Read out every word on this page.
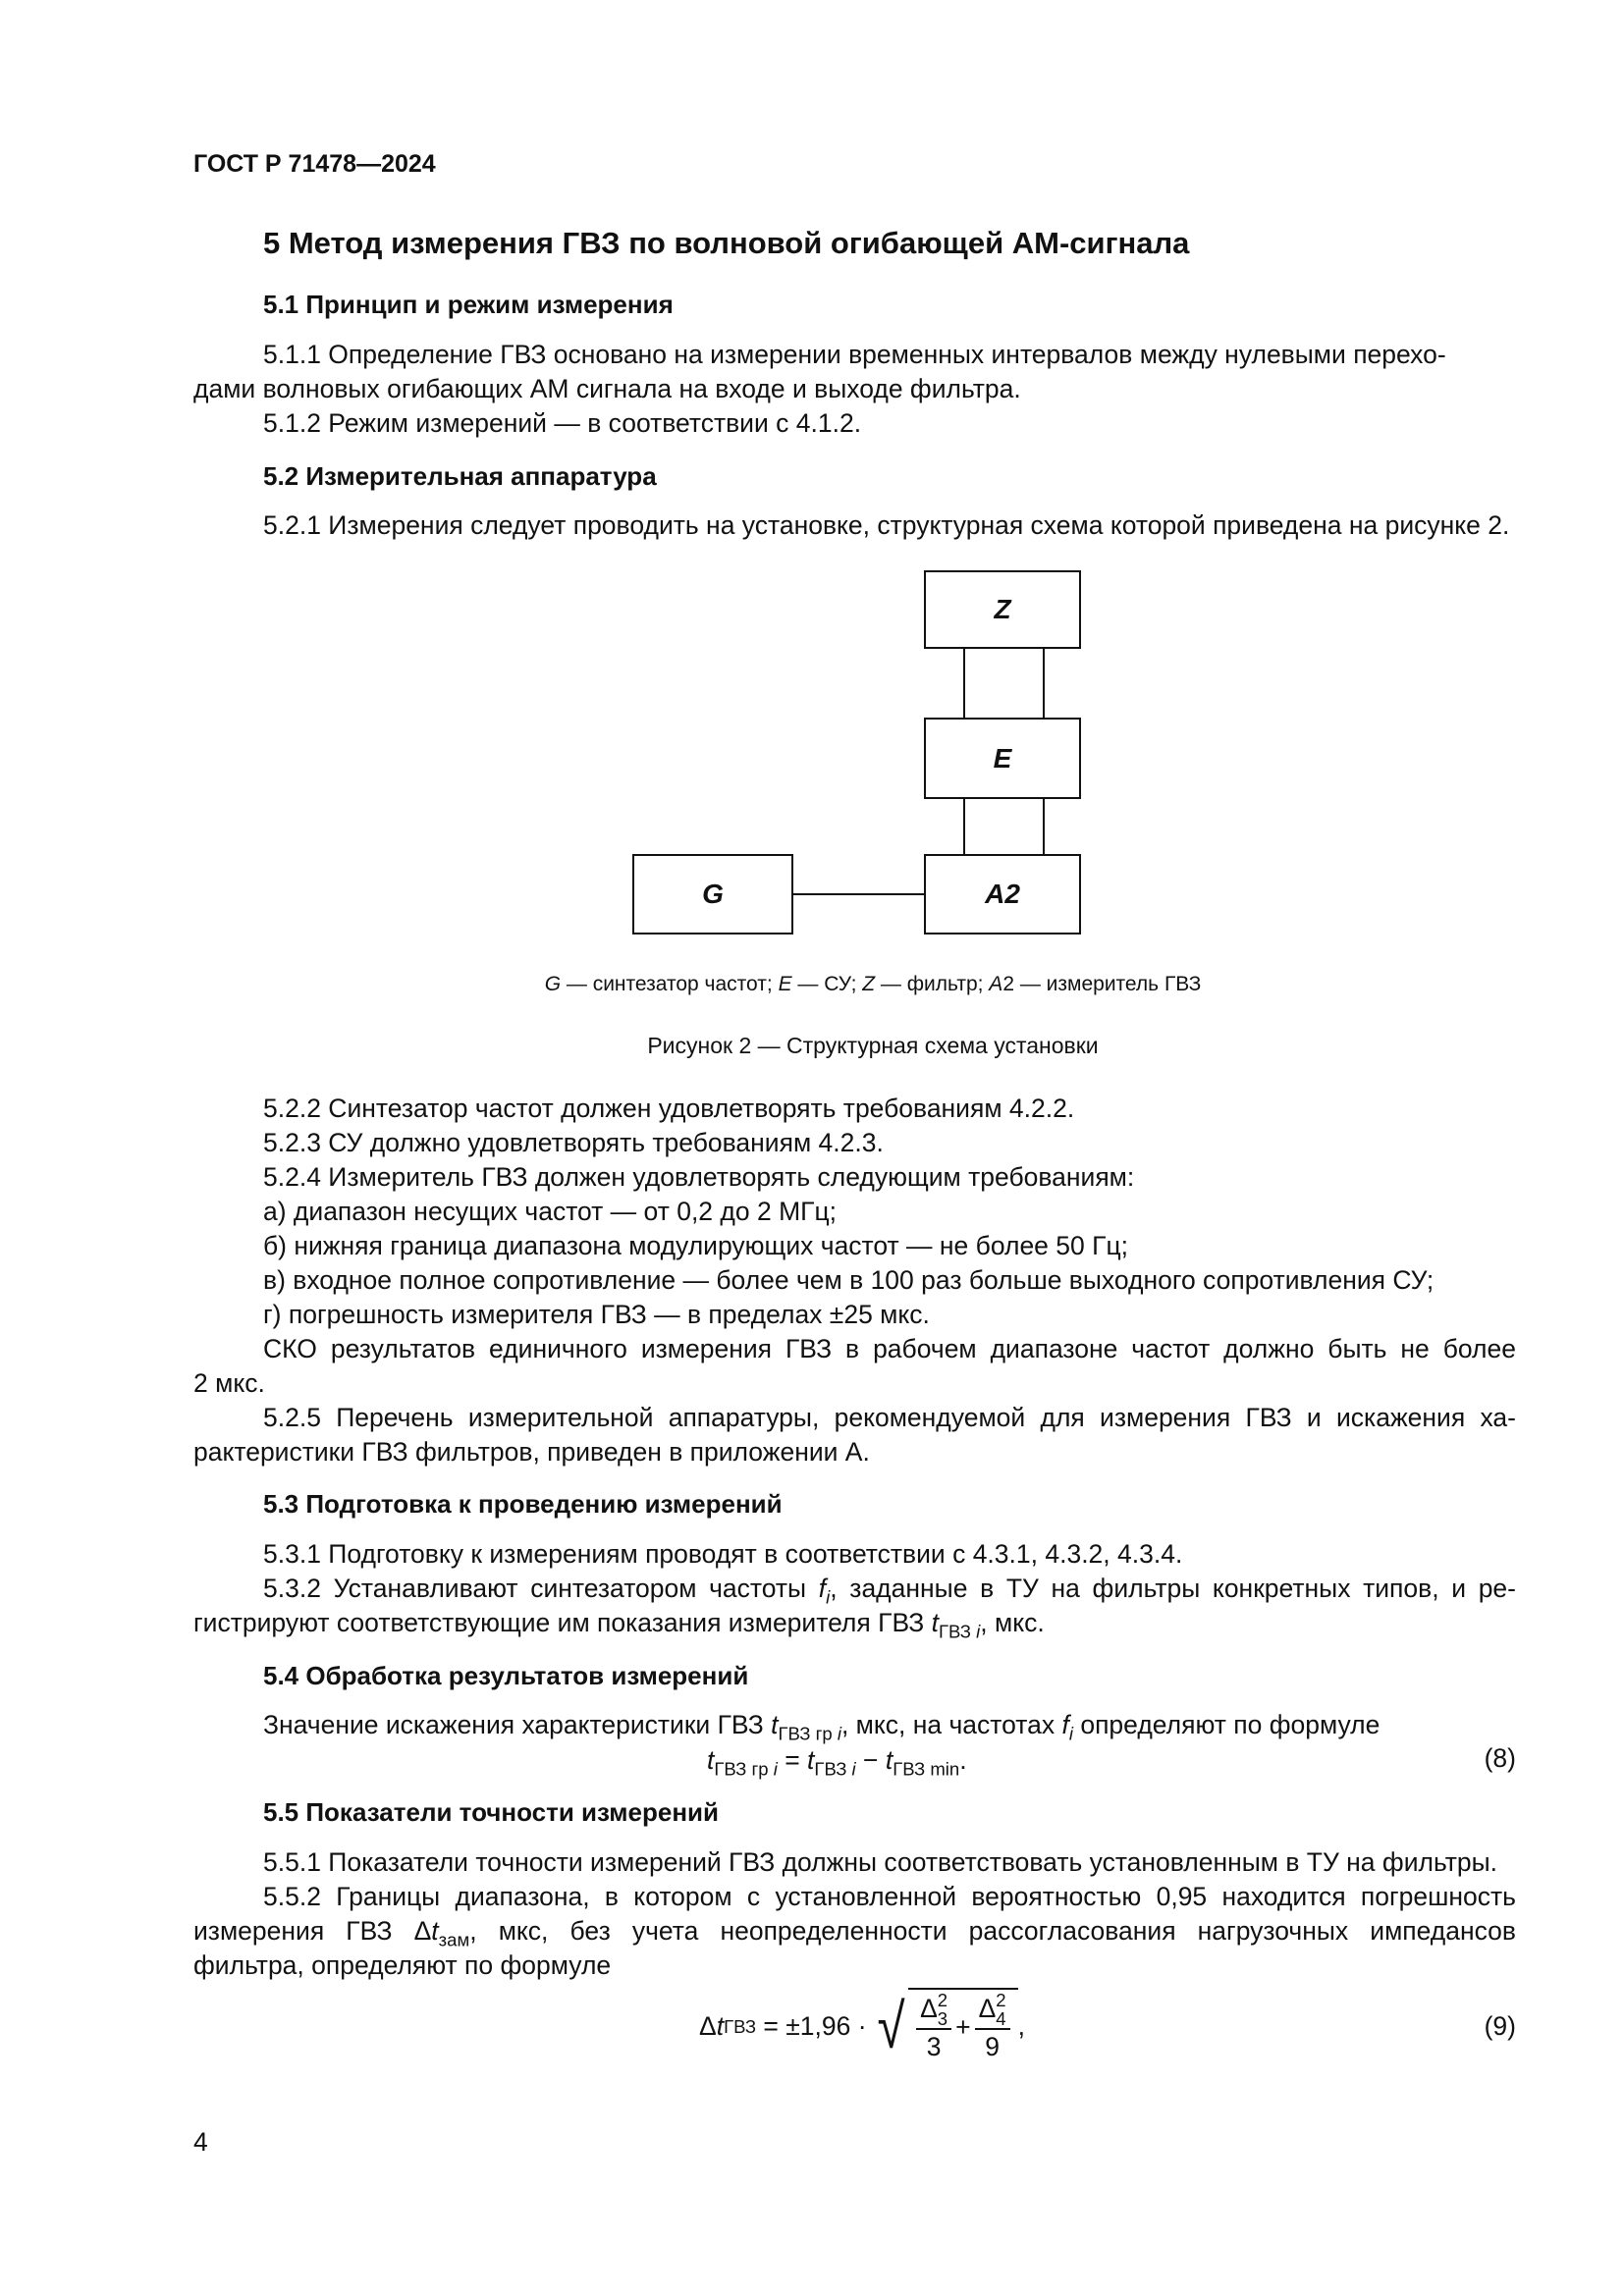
ГОСТ Р 71478—2024
5 Метод измерения ГВЗ по волновой огибающей АМ-сигнала
5.1 Принцип и режим измерения
5.1.1 Определение ГВЗ основано на измерении временных интервалов между нулевыми перехо-
дами волновых огибающих АМ сигнала на входе и выходе фильтра.
5.1.2 Режим измерений — в соответствии с 4.1.2.
5.2 Измерительная аппаратура
5.2.1 Измерения следует проводить на установке, структурная схема которой приведена на рисунке 2.
Z
E
A2
G
G — синтезатор частот; E — СУ; Z — фильтр; A2 — измеритель ГВЗ
Рисунок 2 — Структурная схема установки
5.2.2 Синтезатор частот должен удовлетворять требованиям 4.2.2.
5.2.3 СУ должно удовлетворять требованиям 4.2.3.
5.2.4 Измеритель ГВЗ должен удовлетворять следующим требованиям:
а) диапазон несущих частот — от 0,2 до 2 МГц;
б) нижняя граница диапазона модулирующих частот — не более 50 Гц;
в) входное полное сопротивление — более чем в 100 раз больше выходного сопротивления СУ;
г) погрешность измерителя ГВЗ — в пределах ±25 мкс.
СКО результатов единичного измерения ГВЗ в рабочем диапазоне частот должно быть не более
2 мкс.
5.2.5 Перечень измерительной аппаратуры, рекомендуемой для измерения ГВЗ и искажения ха-
рактеристики ГВЗ фильтров, приведен в приложении А.
5.3 Подготовка к проведению измерений
5.3.1 Подготовку к измерениям проводят в соответствии с 4.3.1, 4.3.2, 4.3.4.
5.3.2 Устанавливают синтезатором частоты $f_i$, заданные в ТУ на фильтры конкретных типов, и ре-
гистрируют соответствующие им показания измерителя ГВЗ $t_{ГВЗ i}$, мкс.
5.4 Обработка результатов измерений
Значение искажения характеристики ГВЗ $t_{ГВЗ гр i}$, мкс, на частотах $f_i$ определяют по формуле
$t_{ГВЗ гр i} = t_{ГВЗ i} - t_{ГВЗ min}$.	(8)
5.5 Показатели точности измерений
5.5.1 Показатели точности измерений ГВЗ должны соответствовать установленным в ТУ на фильтры.
5.5.2 Границы диапазона, в котором с установленной вероятностью 0,95 находится погрешность
измерения ГВЗ $\Delta t_{зам}$, мкс, без учета неопределенности рассогласования нагрузочных импедансов
фильтра, определяют по формуле
Δ t ГВЗ = ±1,96 · √ Δ 2
3
3 + Δ 2
4
9 ,	(9)
4
